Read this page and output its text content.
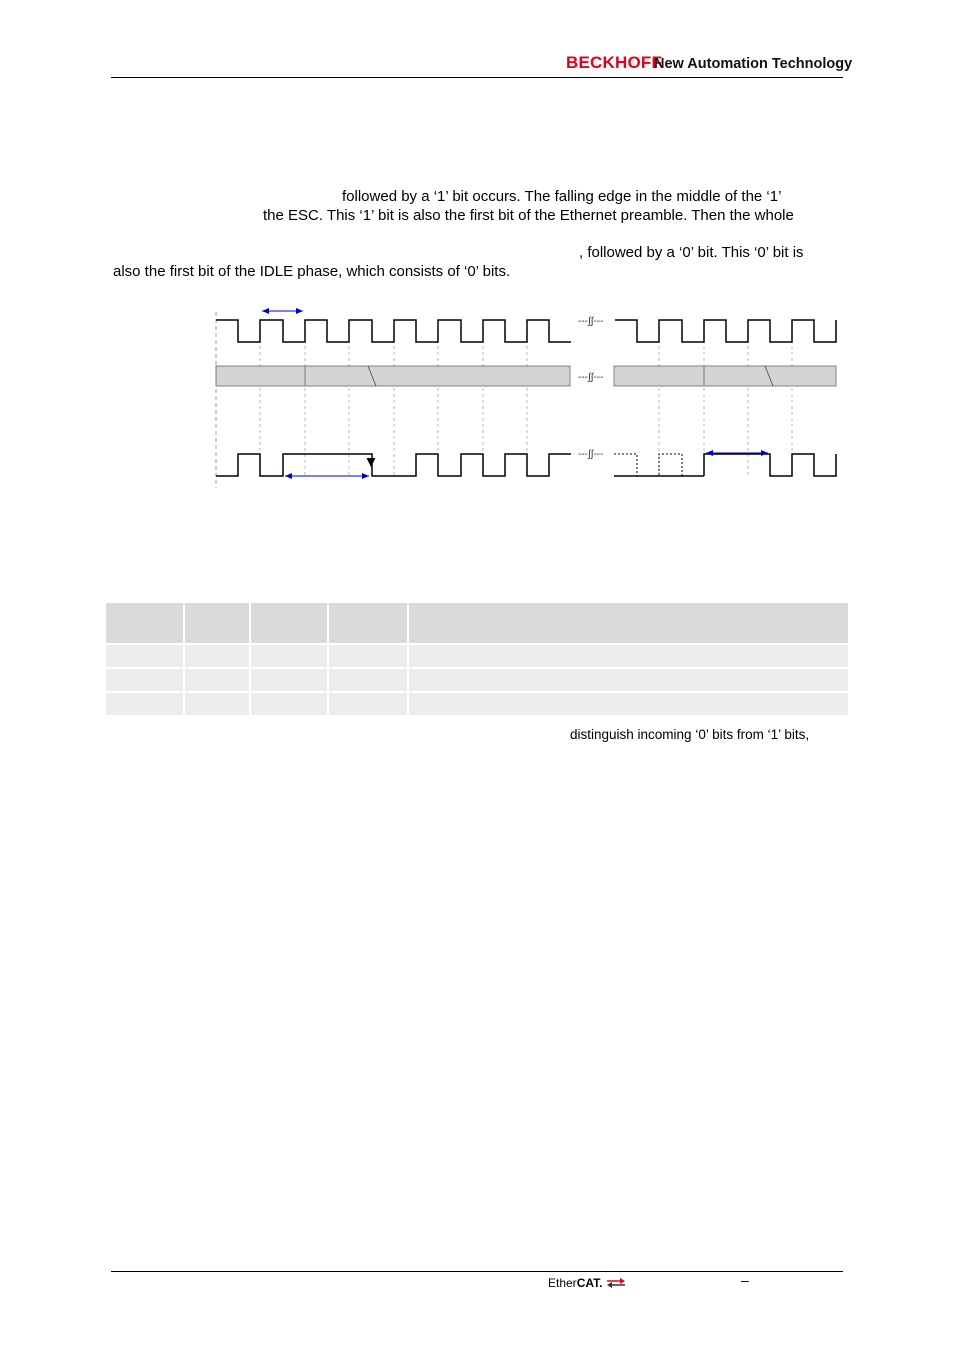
BECKHOFF
New Automation Technology
followed by a ‘1’ bit occurs. The falling edge in the middle of the ‘1’
the ESC. This ‘1’ bit is also the first bit of the Ethernet preamble. Then the whole
, followed by a ‘0’ bit. This ‘0’ bit is
also the first bit of the IDLE phase, which consists of ‘0’ bits.
---∫∫---
---∫∫---
---∫∫---
distinguish incoming ‘0’ bits from ‘1’ bits,
EtherCAT.	–
